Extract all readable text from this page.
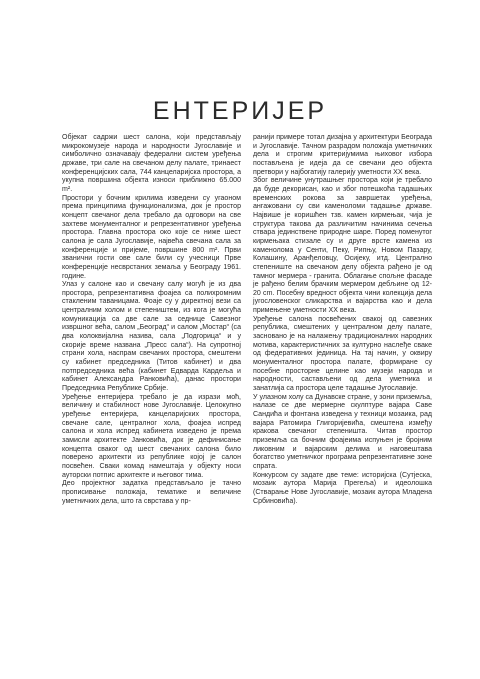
ЕНТЕРИЈЕР

Објекат садржи шест салона, који представљају микрокомузеје народа и народности Југославије и симболично означавају федерални систем уређења државе, три сале на свечаном делу палате, тринаест конференцијских сала, 744 канцеларијска простора, а укупна површина објекта износи приближно 65.000 m².

Простори у бочним крилима изведени су угаоном према принципима функционализма, док је простор концепт свечаног дела требало да одговори на све захтеве монументалног и репрезентативног уређења простора. Главна простора око које се ниже шест салона је сала Југославије, највећа свечана сала за конференције и пријеме, површине 800 m². Први званични гости ове сале били су учесници Прве конференције несврстаних земаља у Београду 1961. године.

Улаз у салоне као и свечану салу могућ је из два простора, репрезентативна фоајеа са полихромним стакленим таваницама. Фоаје су у директној вези са централним холом и степеништем, из кога је могућа комуникација са две сале за седнице Савезног извршног већа, салом „Београд“ и салом „Мостар“ (са два колоквијална назива, сала „Подгорица“ и у скорије време названа „Пресс сала“). На супротној страни хола, наспрам свечаних простора, смештени су кабинет председника (Титов кабинет) и два потпредседника већа (кабинет Едварда Кардеља и кабинет Александра Ранковића), данас простори Председника Републике Србије.

Уређење ентеријера требало је да изрази моћ, величину и стабилност нове Југославије. Целокупно уређење ентеријера, канцеларијских простора, свечане сале, централног хола, фоајеа испред салона и хола испред кабинета изведено је према замисли архитекте Јанковића, док је дефинисање концепта сваког од шест свечаних салона било поверено архитекти из републике којој је салон посвећен. Сваки комад намештаја у објекту носи ауторски потпис архитекте и његовог тима.

Део пројектног задатка представљало је тачно прописивање положаја, тематике и величине уметничких дела, што га сврстава у пр-

ранији примере тотал дизајна у архитектури Београда и Југославије. Тачном разрадом положаја уметничких дела и строгим критеријумима њиховог избора постављена је идеја да се свечани део објекта претвори у најбогатију галерију уметности XX века.

Због величине унутрашњег простора који је требало да буде декорисан, као и због потешкоћа тадашњих временских рокова за завршетак уређења, ангажовани су сви каменоломи тадашње државе. Највише је коришћен тзв. камен кирмењак, чија је структура такова да различитим начинима сечења ствара јединствене природне шаре. Поред поменутог кирмењака стизале су и друге врсте камена из каменолома у Сенти, Пеку, Рипњу, Новом Пазару, Колашину, Аранђеловцу, Осијеку, итд. Централно степениште на свечаном делу објекта рађено је од тамног мермера - гранита. Облагање спољне фасаде је рађено белим брачким мермером дебљине од 12-20 cm. Посебну вредност објекта чини колекција дела југословенског сликарства и вајарства као и дела примењене уметности XX века.

Уређење салона посвећених свакој од савезних република, смештених у централном делу палате, засновано је на налажењу традиционалних народних мотива, карактеристичних за културно наслеђе сваке од федеративних јединица. На тај начин, у оквиру монументалног простора палате, формиране су посебне просторне целине као музеји народа и народности, састављени од дела уметника и занатлија са простора целе тадашње Југославије.

У улазном холу са Дунавске стране, у зони приземља, налазе се две мермерне скулптуре вајара Саве Сандића и фонтана изведена у техници мозаика, рад вајара Ратомира Глигоријевића, смештена између кракова свечаног степеништа. Читав простор приземља са бочним фоајеима испуњен је бројним ликовним и вајарским делима и наговештава богатство уметничког програма репрезентативне зоне спрата.

Конкурсом су задате две теме: историјска (Сутјеска, мозаик аутора Марија Прегеља) и идеолошка (Стварање Нове Југославије, мозаик аутора Младена Србиновића).
